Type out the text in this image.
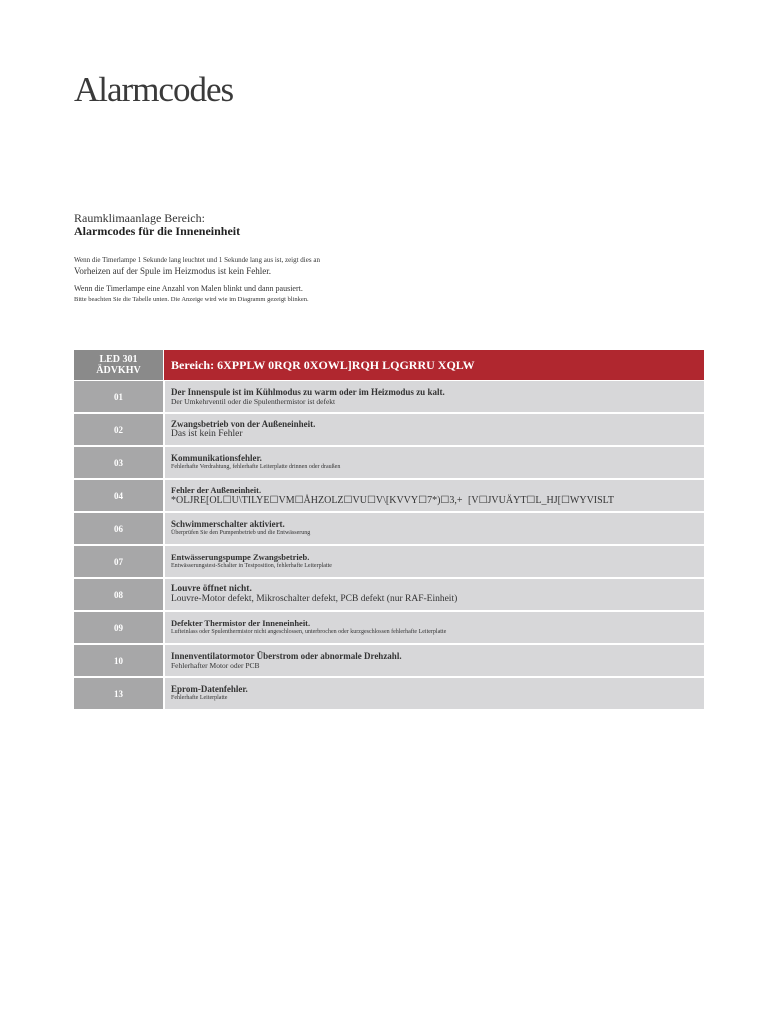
Alarmcodes
Raumklimaanlage Bereich:
Alarmcodes für die Inneneinheit
Wenn die Timerlampe 1 Sekunde lang leuchtet und 1 Sekunde lang aus ist, zeigt dies an
Vorheizen auf der Spule im Heizmodus ist kein Fehler.
Wenn die Timerlampe eine Anzahl von Malen blinkt und dann pausiert.
Bitte beachten Sie die Tabelle unten. Die Anzeige wird wie im Diagramm gezeigt blinken.
LED 301
ÄDVKHV	Bereich: 6XPPLW 0RQR 0XOWL]RQH LQGRRU XQLW
01	Der Innenspule ist im Kühlmodus zu warm oder im Heizmodus zu kalt.
Der Umkehrventil oder die Spulenthermistor ist defekt

02	Zwangsbetrieb von der Außeneinheit.
Das ist kein Fehler

03	Kommunikationsfehler.
Fehlerhafte Verdrahtung, fehlerhafte Leiterplatte drinnen oder draußen

04	Fehler der Außeneinheit.
*OLJRE[OL☐U\TILYE☐VM☐ÅHZOLZ☐VU☐V\[KVVY☐7*)☐3,+ [V☐JVUÄYT☐L_HJ[☐WYVISLT

06	Schwimmerschalter aktiviert.
Überprüfen Sie den Pumpenbetrieb und die Entwässerung

07	Entwässerungspumpe Zwangsbetrieb.
Entwässerungstest-Schalter in Testposition, fehlerhafte Leiterplatte

08	Louvre öffnet nicht.
Louvre-Motor defekt, Mikroschalter defekt, PCB defekt (nur RAF-Einheit)

09	Defekter Thermistor der Inneneinheit.
Lufteinlass oder Spulenthermistor nicht angeschlossen, unterbrochen oder kurzgeschlossen fehlerhafte Leiterplatte

10	Innenventilatormotor Überstrom oder abnormale Drehzahl.
Fehlerhafter Motor oder PCB

13	Eprom-Datenfehler.
Fehlerhafte Leiterplatte
